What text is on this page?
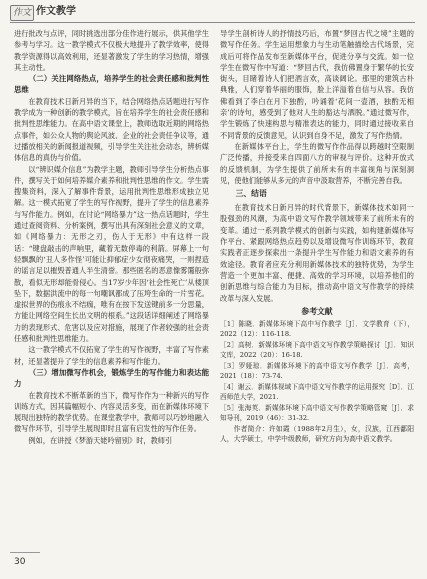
作文 作文教学

进行批改与点评，同时挑选出部分佳作进行展示，供其他学生参考与学习。这一教学模式不仅极大地提升了教学效率，使得教学资源得以高效利用，还显著激发了学生的学习热情，增强其主动性。

（二）关注网络热点，培养学生的社会责任感和批判性思维

在教育技术日新月异的当下，结合网络热点话题进行写作教学成为一种创新的教学模式，旨在培养学生的社会责任感和批判性思维能力。在高中语文课堂上，教师选取近期的网络热点事件，如公众人物的舆论风波、企业的社会责任争议等，通过播放相关的新闻报道视频，引导学生关注社会动态，辨析媒体信息的真伪与价值。

以“辨识媒介信息”为教学主题，教师引导学生分析热点事件，撰写关于如何培养媒介素养和批判性思维的作文。学生需搜集资料，深入了解事件背景，运用批判性思维形成独立见解。这一模式拓宽了学生的写作视野，提升了学生的信息素养与写作能力。例如，在讨论“网络暴力”这一热点话题时，学生通过查阅资料、分析案例，撰写出具有深刻社会意义的文章，如《网络暴力：无形之刃，伤人于无形》中有这样一段话：“键盘敲击的声响里，藏着无数停毒的利箭。屏幕上一句轻飘飘的‘丑人多作怪’可能让抑郁症少女彻夜痛哭，一则捏造的谣言足以摧毁普通人半生清誉。那些匿名的恶意像雾霭般弥散，看似无形却能骨侵心。当17岁少年因‘社会性死亡’从楼顶坠下，数据洪流中的每一句嘲讽都成了压垮生命的一片雪花。虚拟世界的伤痕永不结痂，唯有在按下发送键前多一分思量，方能让网络空间生长出文明的根系。”这段话详细阐述了网络暴力的表现形式、危害以及应对措施，展现了作者较强的社会责任感和批判性思维能力。

这一教学模式不仅拓宽了学生的写作视野，丰富了写作素材，还显著提升了学生的信息素养和写作能力。

（三）增加微写作机会，锻炼学生的写作能力和表达能力

在教育技术不断革新的当下，微写作作为一种新兴的写作训练方式，因其篇幅短小、内容灵活多变，而在新媒体环境下展现出独特的教学优势。在课堂教学中，教师可以巧妙地融入微写作环节，引导学生展现即时且富有启发性的写作任务。

例如，在讲授《梦游天姥吟留别》时，教师引

导学生剖析诗人的抒情技巧后，布置“梦回古代之境”主题的微写作任务。学生运用想象力与生动笔触描绘古代场景，完成后可将作品发布至新媒体平台，促进分享与交流。如一位学生在微写作中写道：“梦回古代，我仿佛置身于繁华的长安街头，目睹着诗人们把酒言欢，高谈阔论。那里的建筑古朴典雅，人们穿着华丽的服饰，脸上洋溢着自信与从容。我仿佛看到了李白在月下独酌，吟诵着‘花间一壶酒，独酌无相亲’的诗句，感受到了他对人生的豁达与洒脱。”通过微写作，学生锻炼了快速构思与精准表达的能力，同时通过接收来自不同背景的反馈意见，认识到自身不足，激发了写作热情。

在新媒体平台上，学生的微写作作品得以跨越时空限制广泛传播，并接受来自四面八方的审视与评价。这种开放式的反馈机制，为学生提供了前所未有的丰富视角与深刻洞见，使他们能够从多元的声音中汲取营养，不断完善自我。

三、结语

在教育技术日新月异的时代背景下，新媒体技术如同一股强劲的风潮，为高中语文写作教学领域带来了前所未有的变革。通过一系列教学模式的创新与实践，如构建新媒体写作平台、紧跟网络热点趋势以及增设微写作训练环节，教育实践者正逐步探索出一条提升学生写作能力和语文素养的有效途径。教育者应充分利用新媒体技术的独特优势，为学生营造一个更加丰富、便捷、高效的学习环境，以培养他们的创新思维与综合能力为目标，推动高中语文写作教学的持续改革与深入发展。

参考文献

［1］陈晓．新媒体环境下高中写作教学［J］．文学教育（下），2022（12）：116-118.

［2］高树．新媒体环境下高中语文写作教学策略探讨［J］．知识文库，2022（20）：16-18.

［3］罗娅琼．新媒体环境下的高中语文写作教学［J］．高考，2021（18）：73-74.

［4］谢云．新媒体视域下高中语文写作教学的运用探究［D］．江西师范大学，2021.

［5］张海英．新媒体环境下高中语文写作教学策略管窥［J］．求知导刊，2019（46）：31-32.

作者简介：许如霞（1988年2月生），女，汉族，江西鄱阳人，大学硕士，中学中级教师，研究方向为高中语文教学。

30
